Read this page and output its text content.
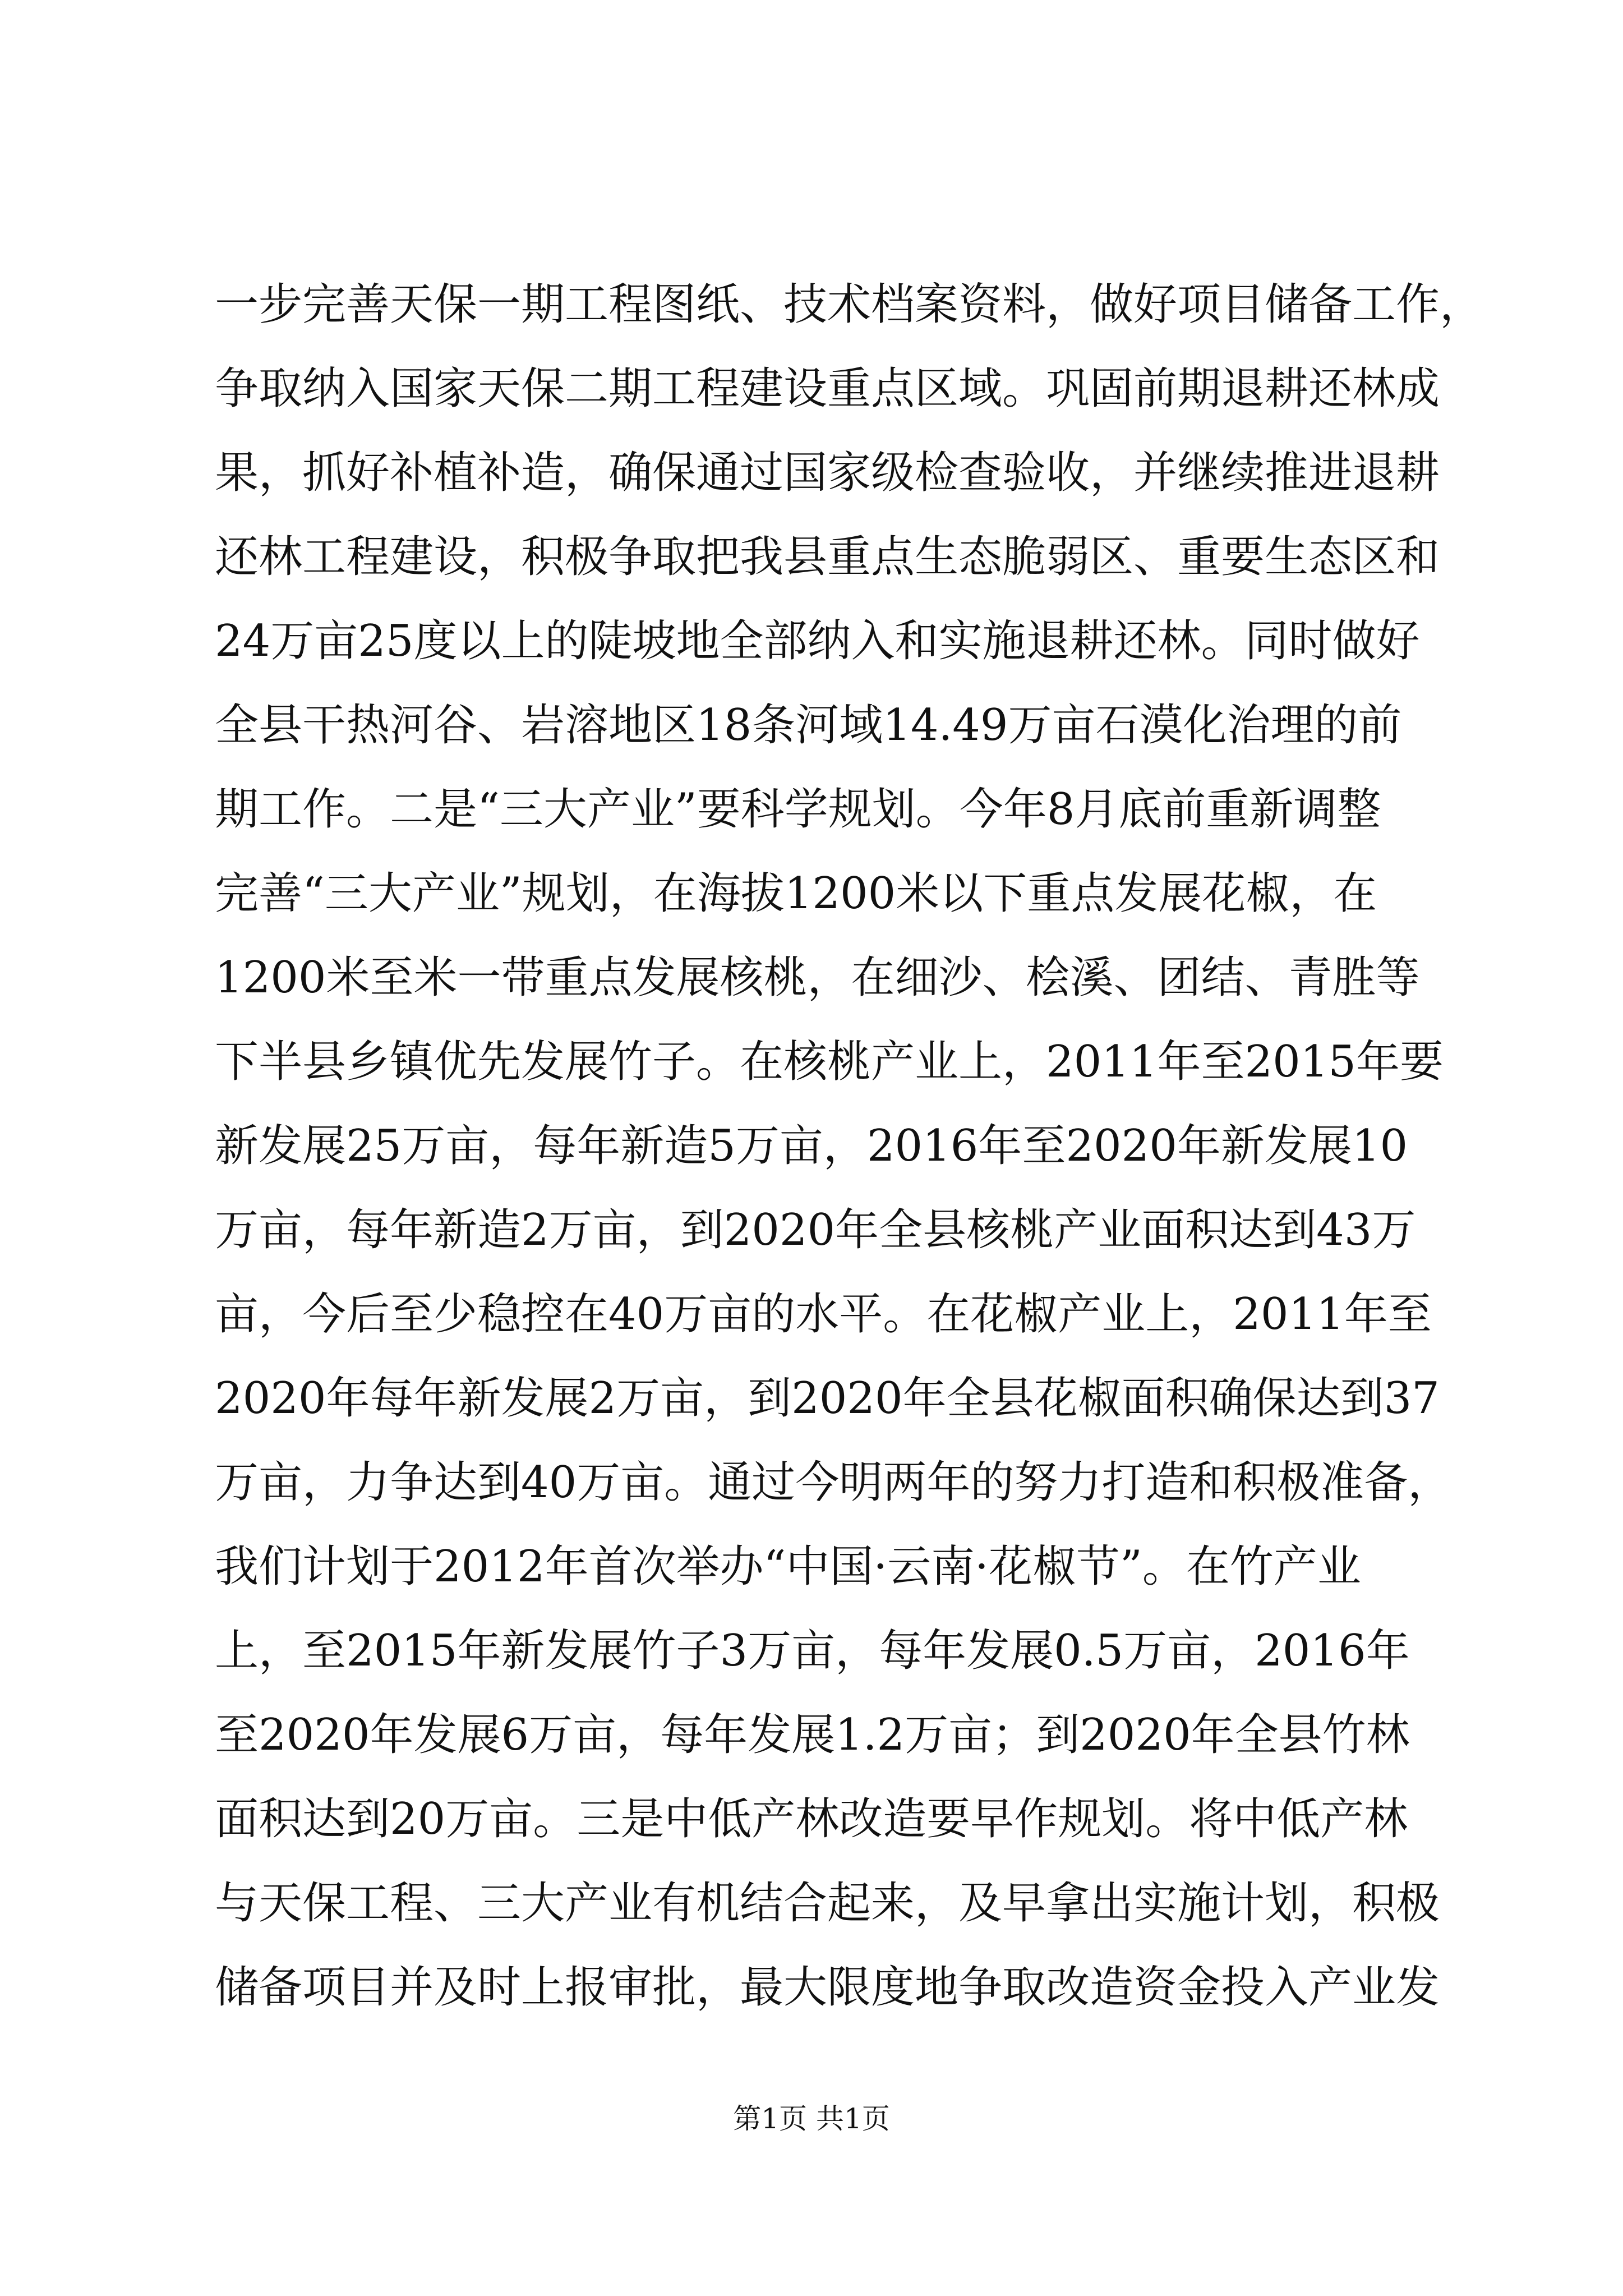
一步完善天保一期工程图纸、技术档案资料，做好项目储备工作，
争取纳入国家天保二期工程建设重点区域。巩固前期退耕还林成
果，抓好补植补造，确保通过国家级检查验收，并继续推进退耕
还林工程建设，积极争取把我县重点生态脆弱区、重要生态区和
24万亩25度以上的陡坡地全部纳入和实施退耕还林。同时做好
全县干热河谷、岩溶地区18条河域14.49万亩石漠化治理的前
期工作。二是“三大产业”要科学规划。今年8月底前重新调整
完善“三大产业”规划，在海拔1200米以下重点发展花椒，在
1200米至米一带重点发展核桃，在细沙、桧溪、团结、青胜等
下半县乡镇优先发展竹子。在核桃产业上，2011年至2015年要
新发展25万亩，每年新造5万亩，2016年至2020年新发展10
万亩，每年新造2万亩，到2020年全县核桃产业面积达到43万
亩，今后至少稳控在40万亩的水平。在花椒产业上，2011年至
2020年每年新发展2万亩，到2020年全县花椒面积确保达到37
万亩，力争达到40万亩。通过今明两年的努力打造和积极准备，
我们计划于2012年首次举办“中国·云南·花椒节”。在竹产业
上，至2015年新发展竹子3万亩，每年发展0.5万亩，2016年
至2020年发展6万亩，每年发展1.2万亩；到2020年全县竹林
面积达到20万亩。三是中低产林改造要早作规划。将中低产林
与天保工程、三大产业有机结合起来，及早拿出实施计划，积极
储备项目并及时上报审批，最大限度地争取改造资金投入产业发
第1页 共1页
